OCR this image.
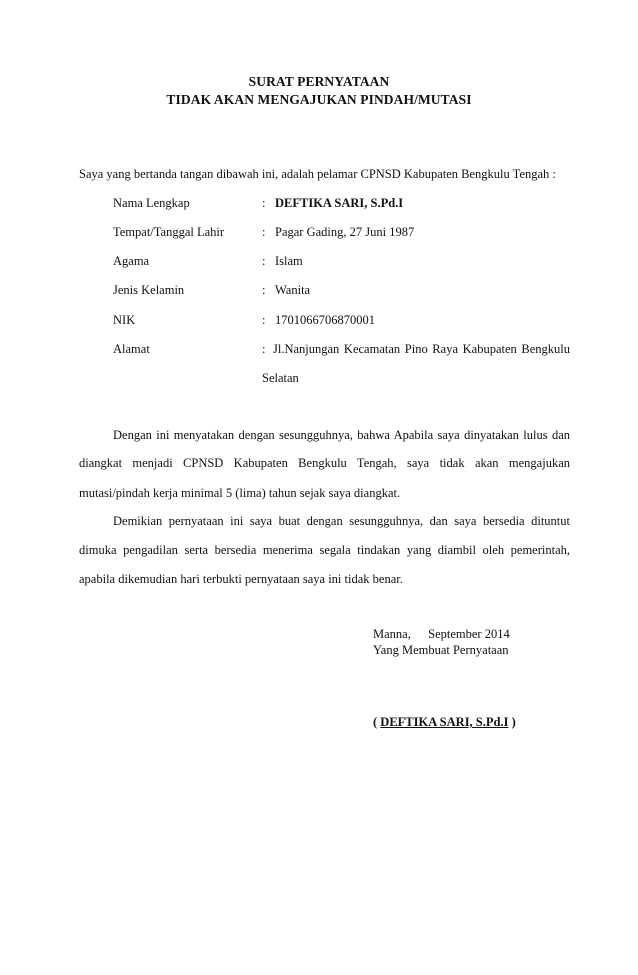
SURAT PERNYATAAN
TIDAK AKAN MENGAJUKAN PINDAH/MUTASI
Saya yang bertanda tangan dibawah ini, adalah pelamar CPNSD Kabupaten Bengkulu Tengah :
Nama Lengkap	: DEFTIKA SARI, S.Pd.I
Tempat/Tanggal Lahir	: Pagar Gading, 27 Juni 1987
Agama	: Islam
Jenis Kelamin	: Wanita
NIK	: 1701066706870001
Alamat	: Jl.Nanjungan Kecamatan Pino Raya Kabupaten Bengkulu
Selatan
Dengan ini menyatakan dengan sesungguhnya, bahwa Apabila saya dinyatakan lulus dan
diangkat menjadi CPNSD Kabupaten Bengkulu Tengah, saya tidak akan mengajukan
mutasi/pindah kerja minimal 5 (lima) tahun sejak saya diangkat.
Demikian pernyataan ini saya buat dengan sesungguhnya, dan saya bersedia dituntut
dimuka pengadilan serta bersedia menerima segala tindakan yang diambil oleh pemerintah,
apabila dikemudian hari terbukti pernyataan saya ini tidak benar.
Manna, September 2014
Yang Membuat Pernyataan
( DEFTIKA SARI, S.Pd.I )
